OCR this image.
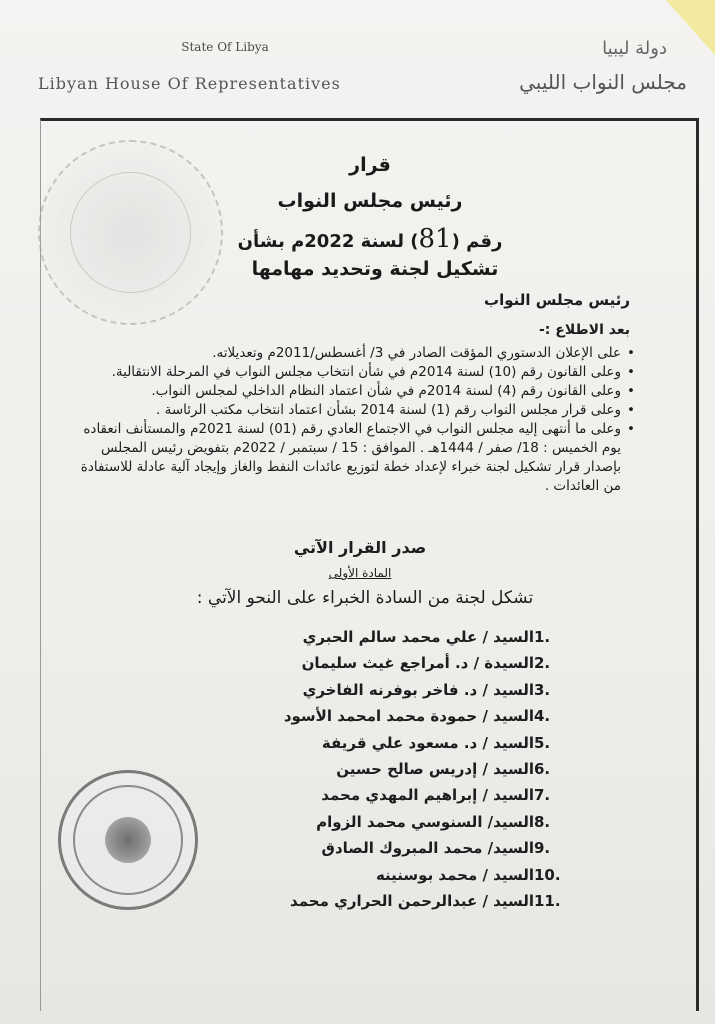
State Of Libya
Libyan House Of Representatives
دولة ليبيا
مجلس النواب الليبي
قرار
رئيس مجلس النواب
رقم (81) لسنة 2022م بشأن
تشكيل لجنة وتحديد مهامها
رئيس مجلس النواب
بعد الاطلاع :-
• على الإعلان الدستوري المؤقت الصادر في 3/ أغسطس/2011م وتعديلاته.
• وعلى القانون رقم (10) لسنة 2014م في شأن انتخاب مجلس النواب في المرحلة الانتقالية.
• وعلى القانون رقم (4) لسنة 2014م في شأن اعتماد النظام الداخلي لمجلس النواب.
• وعلى قرار مجلس النواب رقم (1) لسنة 2014 بشأن اعتماد انتخاب مكتب الرئاسة .
• وعلى ما أنتهى إليه مجلس النواب في الاجتماع العادي رقم (01) لسنة 2021م والمستأنف انعقاده يوم الخميس : 18/ صفر / 1444هـ . الموافق : 15 / سبتمبر / 2022م بتفويض رئيس المجلس بإصدار قرار تشكيل لجنة خبراء لإعداد خطة لتوزيع عائدات النفط والغاز وإيجاد آلية عادلة للاستفادة من العائدات .
صدر القرار الآتي
المادة الأولى
تشكل لجنة من السادة الخبراء على النحو الآتي :
1.
السيد / علي محمد سالم الحبري
2.
السيدة / د. أمراجع غيث سليمان
3.
السيد / د. فاخر بوفرنه الفاخري
4.
السيد / حمودة محمد امحمد الأسود
5.
السيد / د. مسعود علي قريفة
6.
السيد / إدريس صالح حسين
7.
السيد / إبراهيم المهدي محمد
8.
السيد/ السنوسي محمد الزوام
9.
السيد/ محمد المبروك الصادق
10.
السيد / محمد بوسنينه
11.
السيد / عبدالرحمن الحراري محمد
